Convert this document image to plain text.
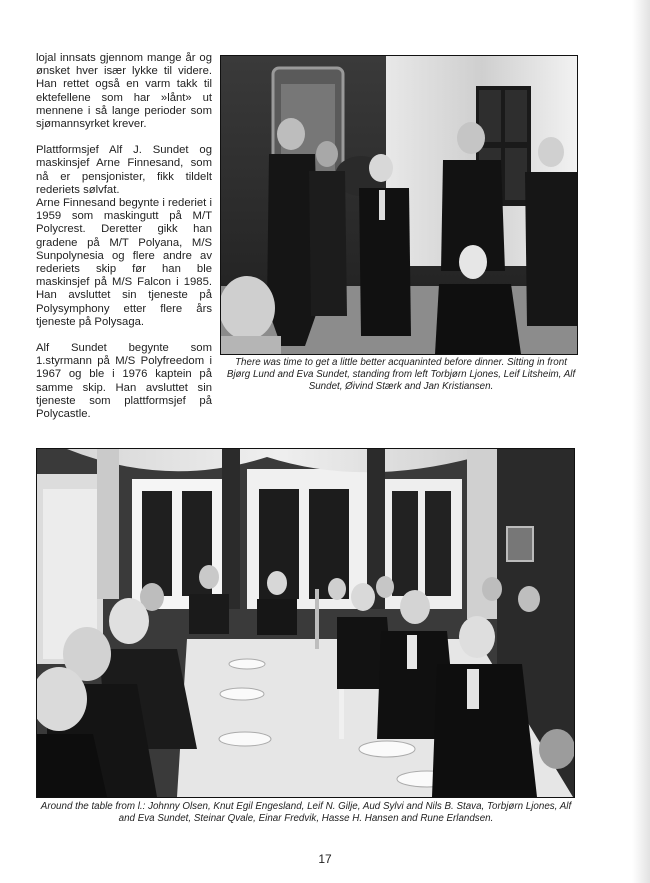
lojal innsats gjennom mange år og ønsket hver især lykke til videre. Han rettet også en varm takk til ektefellene som har »lånt» ut mennene i så lange perioder som sjømannsyrket krever.

Plattformsjef Alf J. Sundet og maskinsjef Arne Finnesand, som nå er pensjonister, fikk tildelt rederiets sølvfat.
Arne Finnesand begynte i rederiet i 1959 som maskingutt på M/T Polycrest. Deretter gikk han gradene på M/T Polyana, M/S Sunpolynesia og flere andre av rederiets skip før han ble maskinsjef på M/S Falcon i 1985. Han avsluttet sin tjeneste på Polysymphony etter flere års tjeneste på Polysaga.

Alf Sundet begynte som 1.styrmann på M/S Polyfreedom i 1967 og ble i 1976 kaptein på samme skip. Han avsluttet sin tjeneste som plattformsjef på Polycastle.

There was time to get a little better acquaninted before dinner. Sitting in front Bjørg Lund and Eva Sundet, standing from left Torbjørn Ljones, Leif Litsheim, Alf Sundet, Øivind Stærk and Jan Kristiansen.
Around the table from l.: Johnny Olsen, Knut Egil Engesland, Leif N. Gilje, Aud Sylvi and Nils B. Stava, Torbjørn Ljones, Alf and Eva Sundet, Steinar Qvale, Einar Fredvik, Hasse H. Hansen and Rune Erlandsen.
17
